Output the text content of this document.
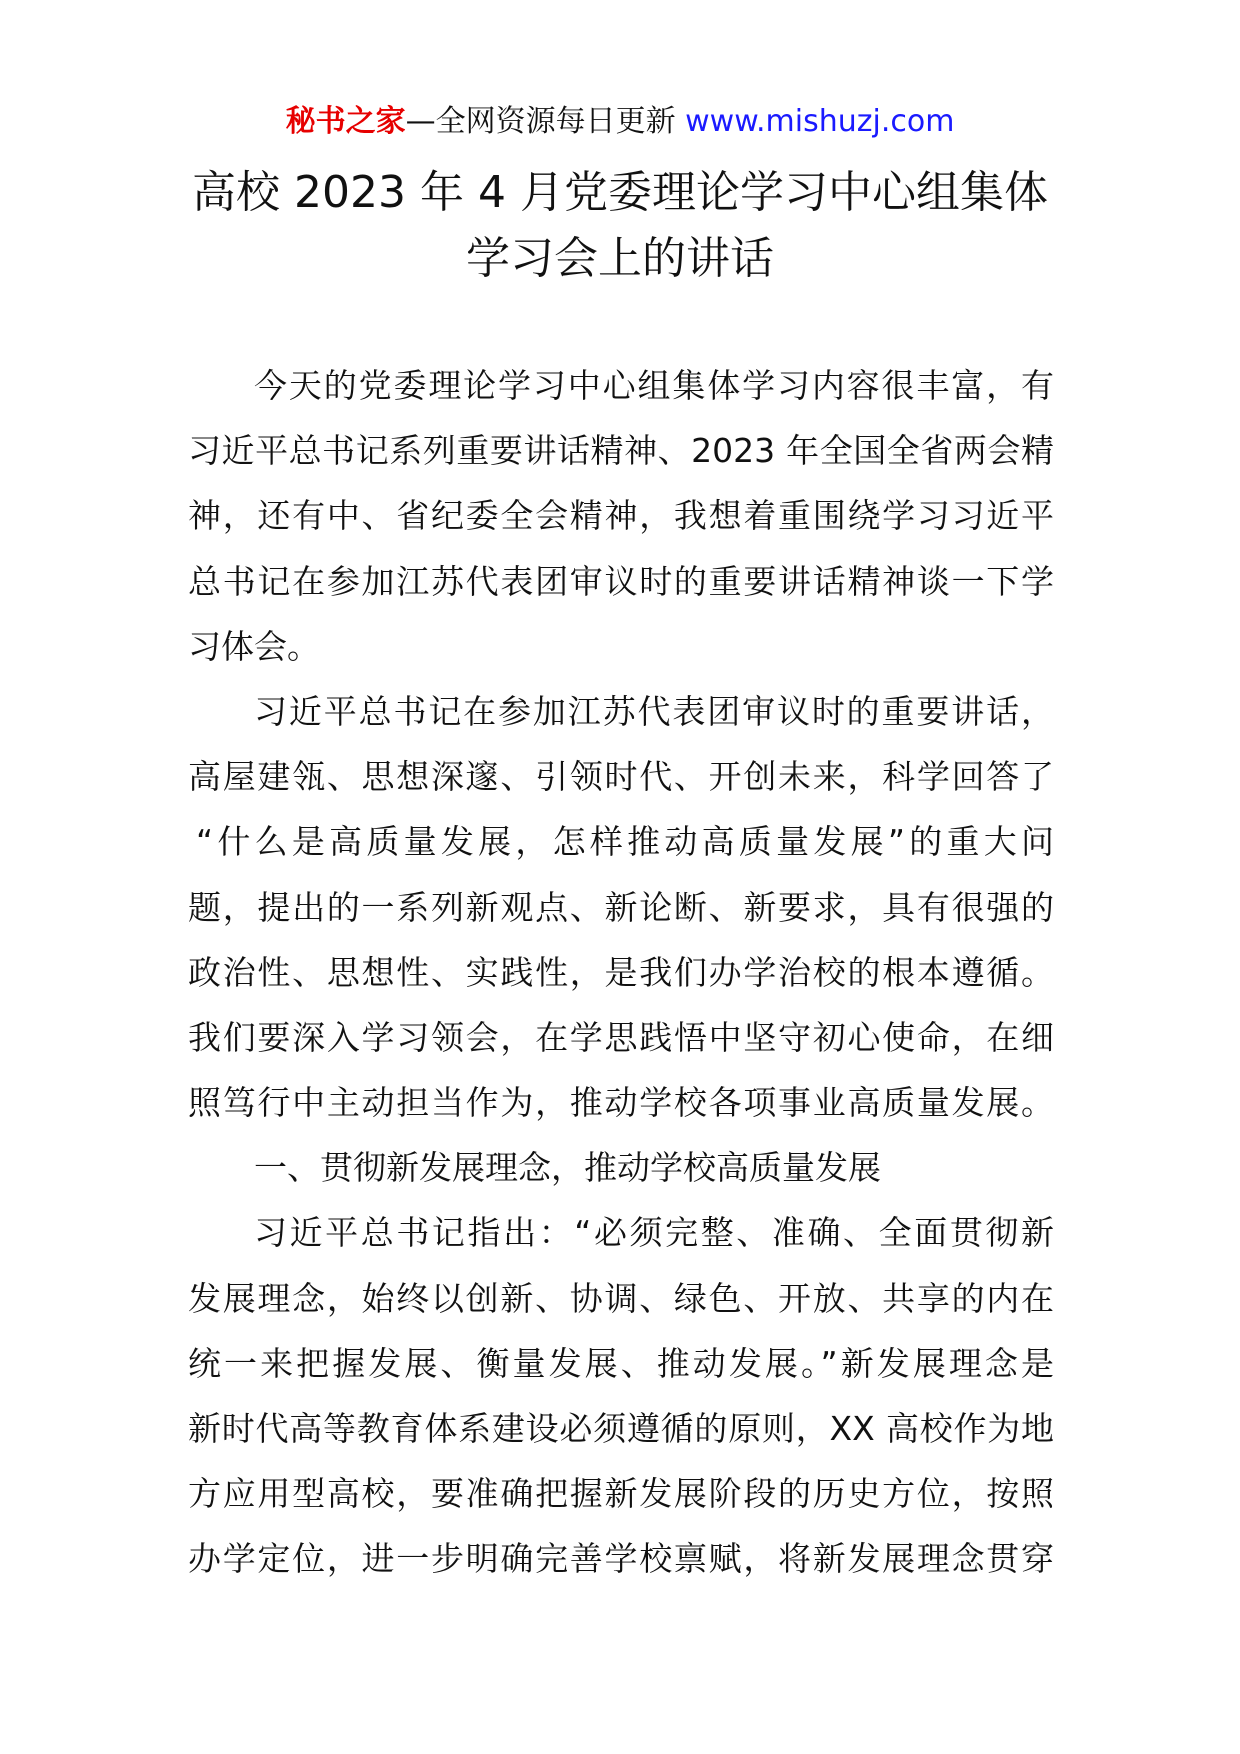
秘书之家—全网资源每日更新 www.mishuzj.com
高校 2023 年 4 月党委理论学习中心组集体
学习会上的讲话
今天的党委理论学习中心组集体学习内容很丰富，有
习近平总书记系列重要讲话精神、2023 年全国全省两会精
神，还有中、省纪委全会精神，我想着重围绕学习习近平
总书记在参加江苏代表团审议时的重要讲话精神谈一下学
习体会。
习近平总书记在参加江苏代表团审议时的重要讲话，
高屋建瓴、思想深邃、引领时代、开创未来，科学回答了
“什么是高质量发展，怎样推动高质量发展”的重大问
题，提出的一系列新观点、新论断、新要求，具有很强的
政治性、思想性、实践性，是我们办学治校的根本遵循。
我们要深入学习领会，在学思践悟中坚守初心使命，在细
照笃行中主动担当作为，推动学校各项事业高质量发展。
一、贯彻新发展理念，推动学校高质量发展
习近平总书记指出：“必须完整、准确、全面贯彻新
发展理念，始终以创新、协调、绿色、开放、共享的内在
统一来把握发展、衡量发展、推动发展。”新发展理念是
新时代高等教育体系建设必须遵循的原则，XX 高校作为地
方应用型高校，要准确把握新发展阶段的历史方位，按照
办学定位，进一步明确完善学校禀赋，将新发展理念贯穿
